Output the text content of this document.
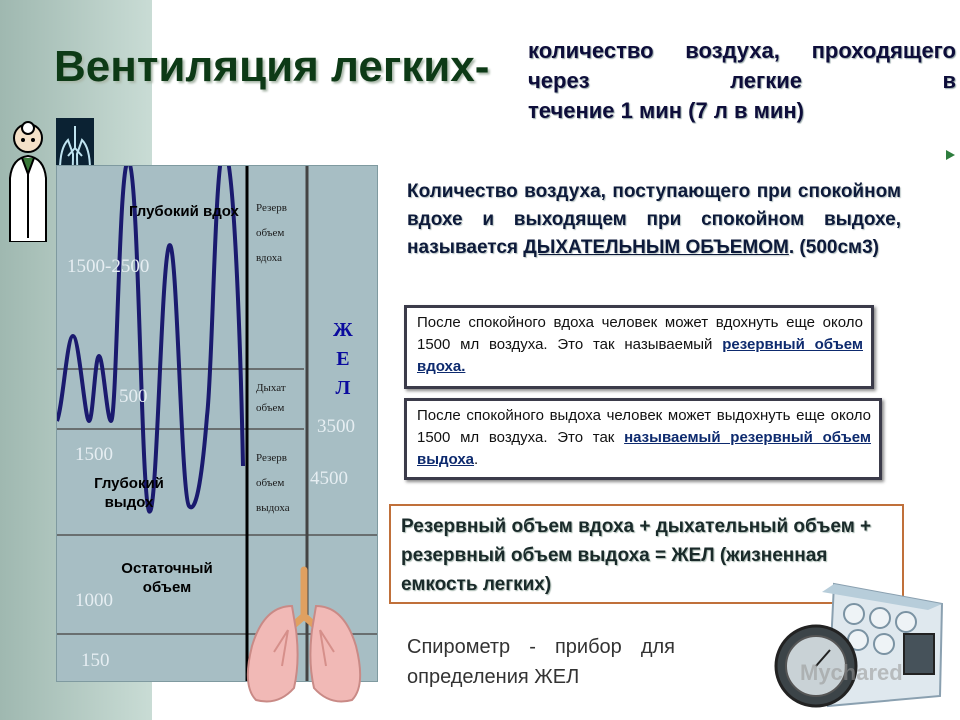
Вентиляция легких- количество воздуха, проходящего через легкие в
течение 1 мин (7 л в мин)
1500-2500
Глубокий вдох
500
1500
Глубокий выдох
Остаточный объем
1000
150
Резерв
объем
вдоха
Дыхат
объем
Резерв
объем
выдоха
Ж
Е
Л
3500
4500
Количество воздуха, поступающего при спокойном вдохе и выходящем при спокойном выдохе, называется ДЫХАТЕЛЬНЫМ ОБЪЕМОМ. (500см3)
После спокойного вдоха человек может вдохнуть еще около 1500 мл воздуха. Это так называемый резервный объем вдоха.
После спокойного выдоха человек может выдохнуть еще около 1500 мл воздуха. Это так называемый резервный объем выдоха.
Резервный объем вдоха + дыхательный объем + резервный объем выдоха = ЖЕЛ (жизненная емкость легких)
Спирометр - прибор для определения ЖЕЛ	Mychared
